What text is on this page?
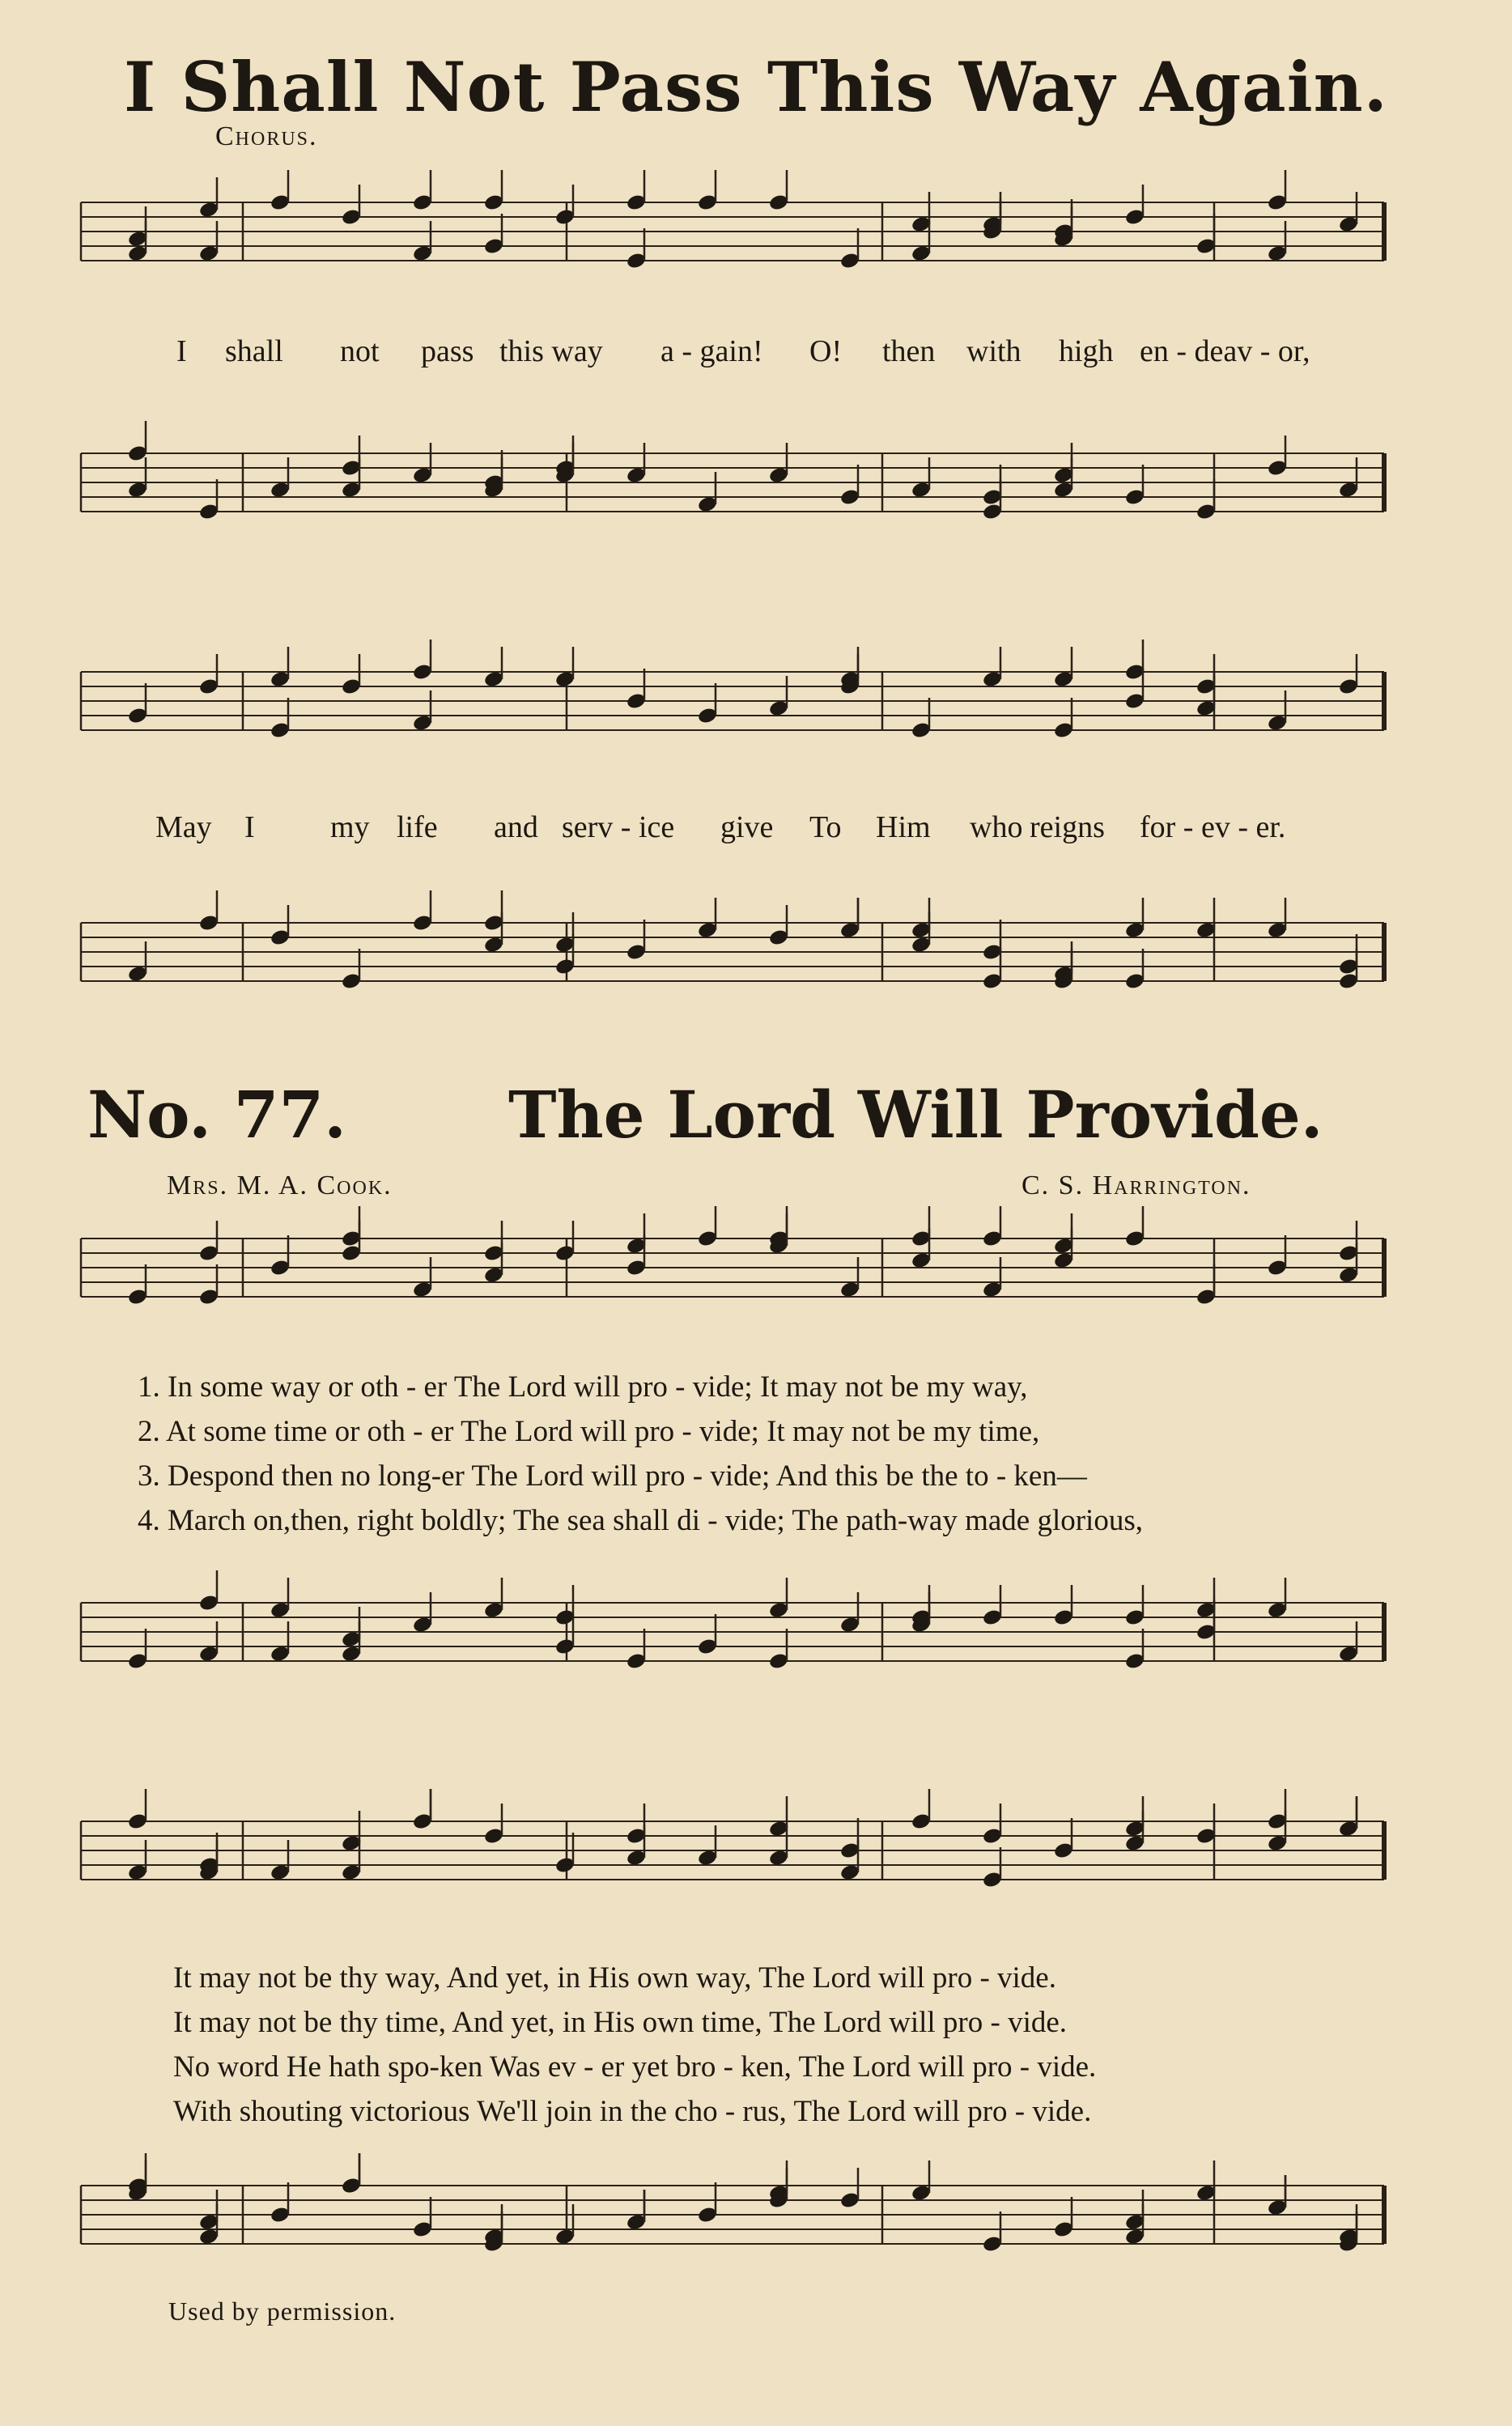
I Shall Not Pass This Way Again.
Chorus.
I shall not pass this way a - gain! O! then with high en - deav - or,
May I my life and serv - ice give To Him who reigns for - ev - er.
No. 77.	The Lord Will Provide.
Mrs. M. A. Cook.	C. S. Harrington.
1. In some way or oth - er The Lord will pro - vide; It may not be my way,
2. At some time or oth - er The Lord will pro - vide; It may not be my time,
3. Despond then no long-er The Lord will pro - vide; And this be the to - ken—
4. March on,then, right boldly; The sea shall di - vide; The path-way made glorious,
It may not be thy way, And yet, in His own way, The Lord will pro - vide.
It may not be thy time, And yet, in His own time, The Lord will pro - vide.
No word He hath spo-ken Was ev - er yet bro - ken, The Lord will pro - vide.
With shouting victorious We'll join in the cho - rus, The Lord will pro - vide.
Used by permission.
